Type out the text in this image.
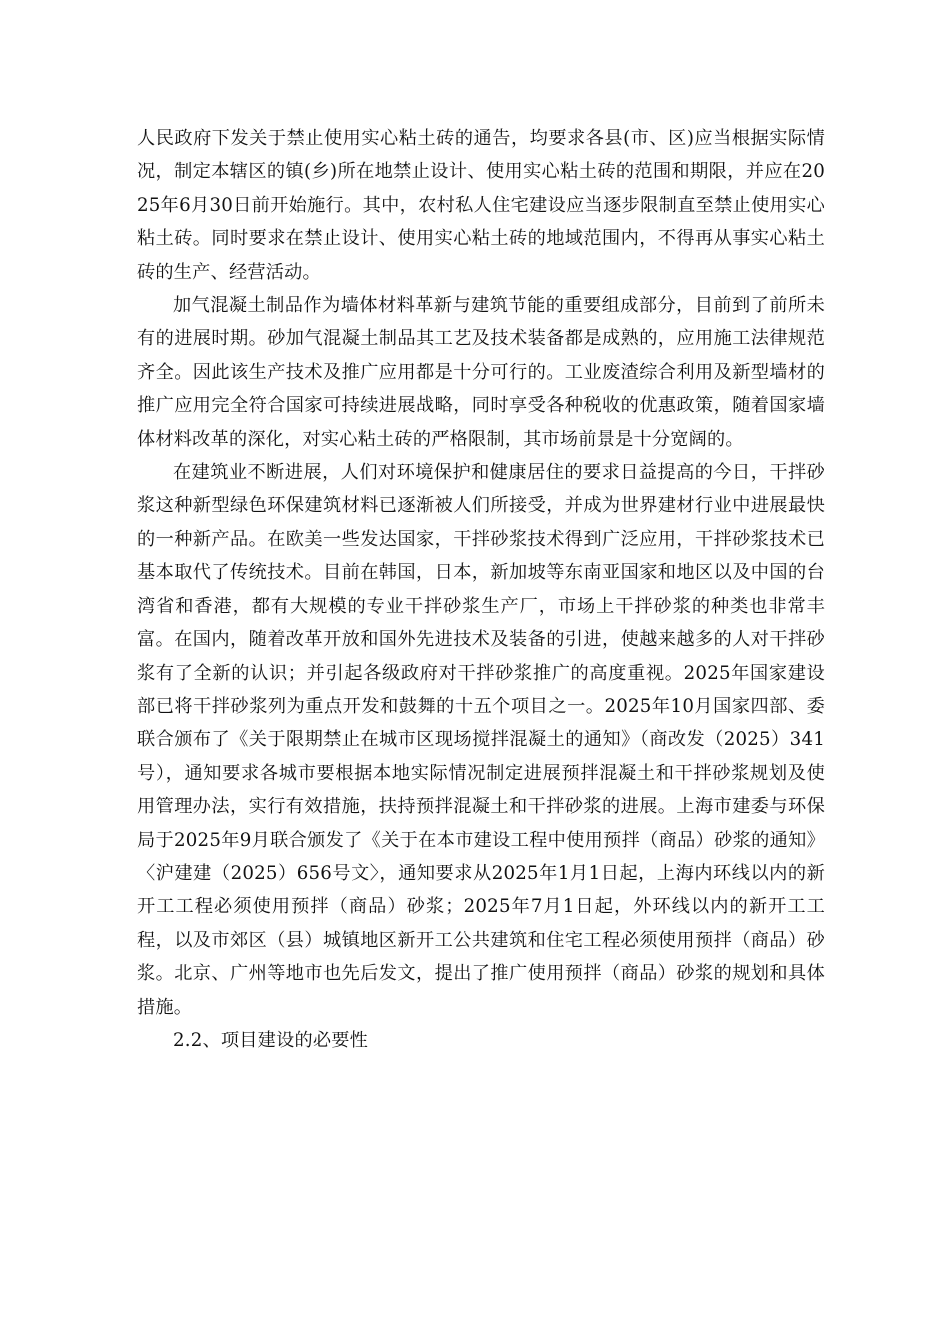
人民政府下发关于禁止使用实心粘土砖的通告，均要求各县(市、区)应当根据实际情况，制定本辖区的镇(乡)所在地禁止设计、使用实心粘土砖的范围和期限，并应在2025年6月30日前开始施行。其中，农村私人住宅建设应当逐步限制直至禁止使用实心粘土砖。同时要求在禁止设计、使用实心粘土砖的地域范围内，不得再从事实心粘土砖的生产、经营活动。

加气混凝土制品作为墙体材料革新与建筑节能的重要组成部分，目前到了前所未有的进展时期。砂加气混凝土制品其工艺及技术装备都是成熟的，应用施工法律规范齐全。因此该生产技术及推广应用都是十分可行的。工业废渣综合利用及新型墙材的推广应用完全符合国家可持续进展战略，同时享受各种税收的优惠政策，随着国家墙体材料改革的深化，对实心粘土砖的严格限制，其市场前景是十分宽阔的。

在建筑业不断进展，人们对环境保护和健康居住的要求日益提高的今日，干拌砂浆这种新型绿色环保建筑材料已逐渐被人们所接受，并成为世界建材行业中进展最快的一种新产品。在欧美一些发达国家，干拌砂浆技术得到广泛应用，干拌砂浆技术已基本取代了传统技术。目前在韩国，日本，新加坡等东南亚国家和地区以及中国的台湾省和香港，都有大规模的专业干拌砂浆生产厂，市场上干拌砂浆的种类也非常丰富。在国内，随着改革开放和国外先进技术及装备的引进，使越来越多的人对干拌砂浆有了全新的认识；并引起各级政府对干拌砂浆推广的高度重视。2025年国家建设部已将干拌砂浆列为重点开发和鼓舞的十五个项目之一。2025年10月国家四部、委联合颁布了《关于限期禁止在城市区现场搅拌混凝土的通知》（商改发（2025）341号），通知要求各城市要根据本地实际情况制定进展预拌混凝土和干拌砂浆规划及使用管理办法，实行有效措施，扶持预拌混凝土和干拌砂浆的进展。上海市建委与环保局于2025年9月联合颁发了《关于在本市建设工程中使用预拌（商品）砂浆的通知》〈沪建建（2025）656号文〉，通知要求从2025年1月1日起，上海内环线以内的新开工工程必须使用预拌（商品）砂浆；2025年7月1日起，外环线以内的新开工工程，以及市郊区（县）城镇地区新开工公共建筑和住宅工程必须使用预拌（商品）砂浆。北京、广州等地市也先后发文，提出了推广使用预拌（商品）砂浆的规划和具体措施。

2.2、项目建设的必要性
